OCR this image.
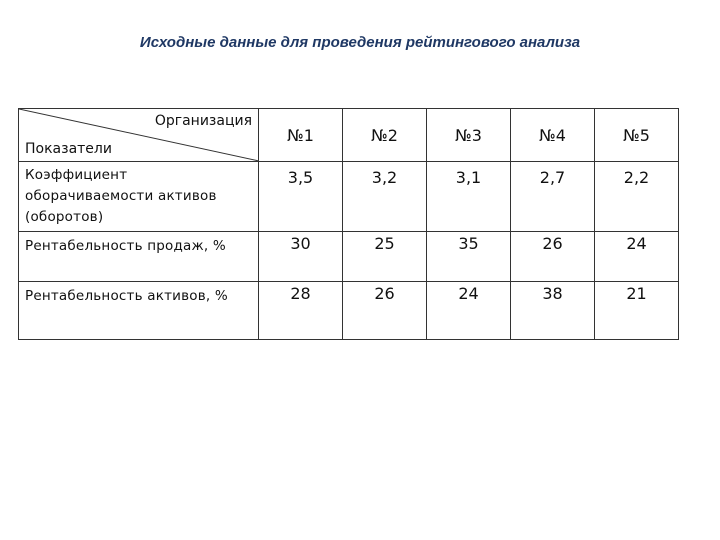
Исходные данные для проведения рейтингового анализа
Организация
Показатели	№1	№2	№3	№4	№5
Коэффициент оборачиваемости активов (оборотов)	3,5	3,2	3,1	2,7	2,2
Рентабельность продаж, %	30	25	35	26	24
Рентабельность активов, %	28	26	24	38	21
